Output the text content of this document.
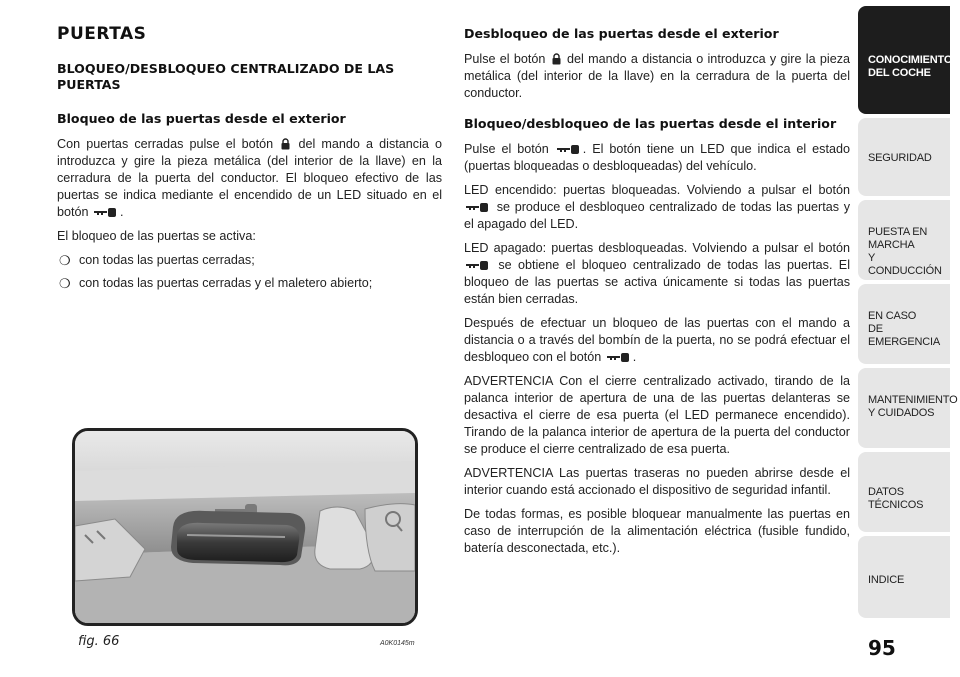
PUERTAS
BLOQUEO/DESBLOQUEO CENTRALIZADO DE LAS PUERTAS
Bloqueo de las puertas desde el exterior

Con puertas cerradas pulse el botón del mando a distancia o introduzca y gire la pieza metálica (del interior de la llave) en la cerradura de la puerta del conductor. El bloqueo efectivo de las puertas se indica mediante el encendido de un LED situado en el botón	.

El bloqueo de las puertas se activa:

❍ con todas las puertas cerradas;
❍ con todas las puertas cerradas y el maletero abierto;
fig. 66	A0K0145m
Desbloqueo de las puertas desde el exterior

Pulse el botón del mando a distancia o introduzca y gire la pieza metálica (del interior de la llave) en la cerradura de la puerta del conductor.

Bloqueo/desbloqueo de las puertas desde el interior

Pulse el botón	. El botón tiene un LED que indica el estado (puertas bloqueadas o desbloqueadas) del vehículo.

LED encendido: puertas bloqueadas. Volviendo a pulsar el botón  se produce el desbloqueo centralizado de todas las puertas y el apagado del LED.

LED apagado: puertas desbloqueadas. Volviendo a pulsar el botón  se obtiene el bloqueo centralizado de todas las puertas. El bloqueo de las puertas se activa únicamente si todas las puertas están bien cerradas.

Después de efectuar un bloqueo de las puertas con el mando a distancia o a través del bombín de la puerta, no se podrá efectuar el desbloqueo con el botón	.

ADVERTENCIA Con el cierre centralizado activado, tirando de la palanca interior de apertura de una de las puertas delanteras se desactiva el cierre de esa puerta (el LED permanece encendido). Tirando de la palanca interior de apertura de la puerta del conductor se produce el cierre centralizado de esa puerta.

ADVERTENCIA Las puertas traseras no pueden abrirse desde el interior cuando está accionado el dispositivo de seguridad infantil.

De todas formas, es posible bloquear manualmente las puertas en caso de interrupción de la alimentación eléctrica (fusible fundido, batería desconectada, etc.).

CONOCIMIENTO
DEL COCHE
SEGURIDAD
PUESTA EN MARCHA
Y CONDUCCIÓN
EN CASO
DE EMERGENCIA
MANTENIMIENTO
Y CUIDADOS
DATOS TÉCNICOS
INDICE
95
